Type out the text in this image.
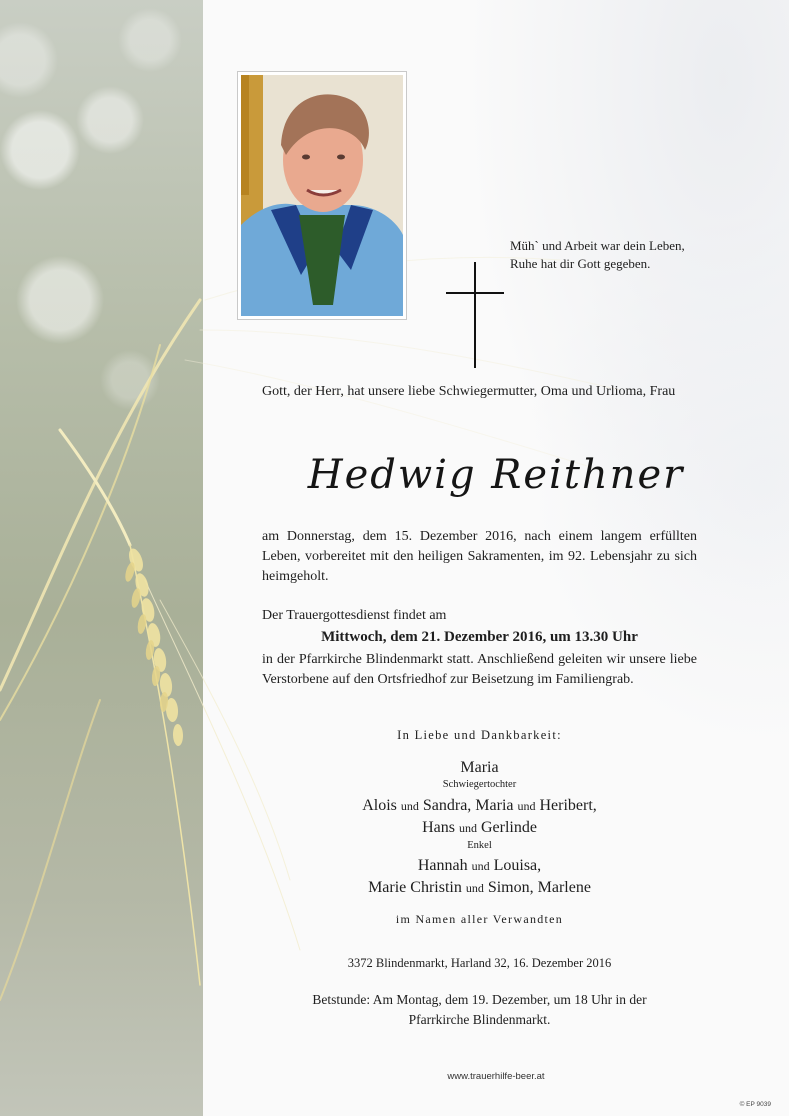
Müh` und Arbeit war dein Leben,
Ruhe hat dir Gott gegeben.
Gott, der Herr, hat unsere liebe Schwiegermutter, Oma und Urlioma, Frau
Hedwig Reithner
am Donnerstag, dem 15. Dezember 2016, nach einem langem erfüllten Leben, vorbereitet mit den heiligen Sakramenten, im 92. Lebensjahr zu sich heimgeholt.
Der Trauergottesdienst findet am
Mittwoch, dem 21. Dezember 2016, um 13.30 Uhr
in der Pfarrkirche Blindenmarkt statt. Anschließend geleiten wir unsere liebe Verstorbene auf den Ortsfriedhof zur Beisetzung im Familiengrab.
In Liebe und Dankbarkeit:
Maria
Schwiegertochter
Alois und Sandra, Maria und Heribert,
Hans und Gerlinde
Enkel
Hannah und Louisa,
Marie Christin und Simon, Marlene
im Namen aller Verwandten
3372 Blindenmarkt, Harland 32, 16. Dezember 2016
Betstunde: Am Montag, dem 19. Dezember, um 18 Uhr in der
Pfarrkirche Blindenmarkt.
www.trauerhilfe-beer.at
© EP 9039
